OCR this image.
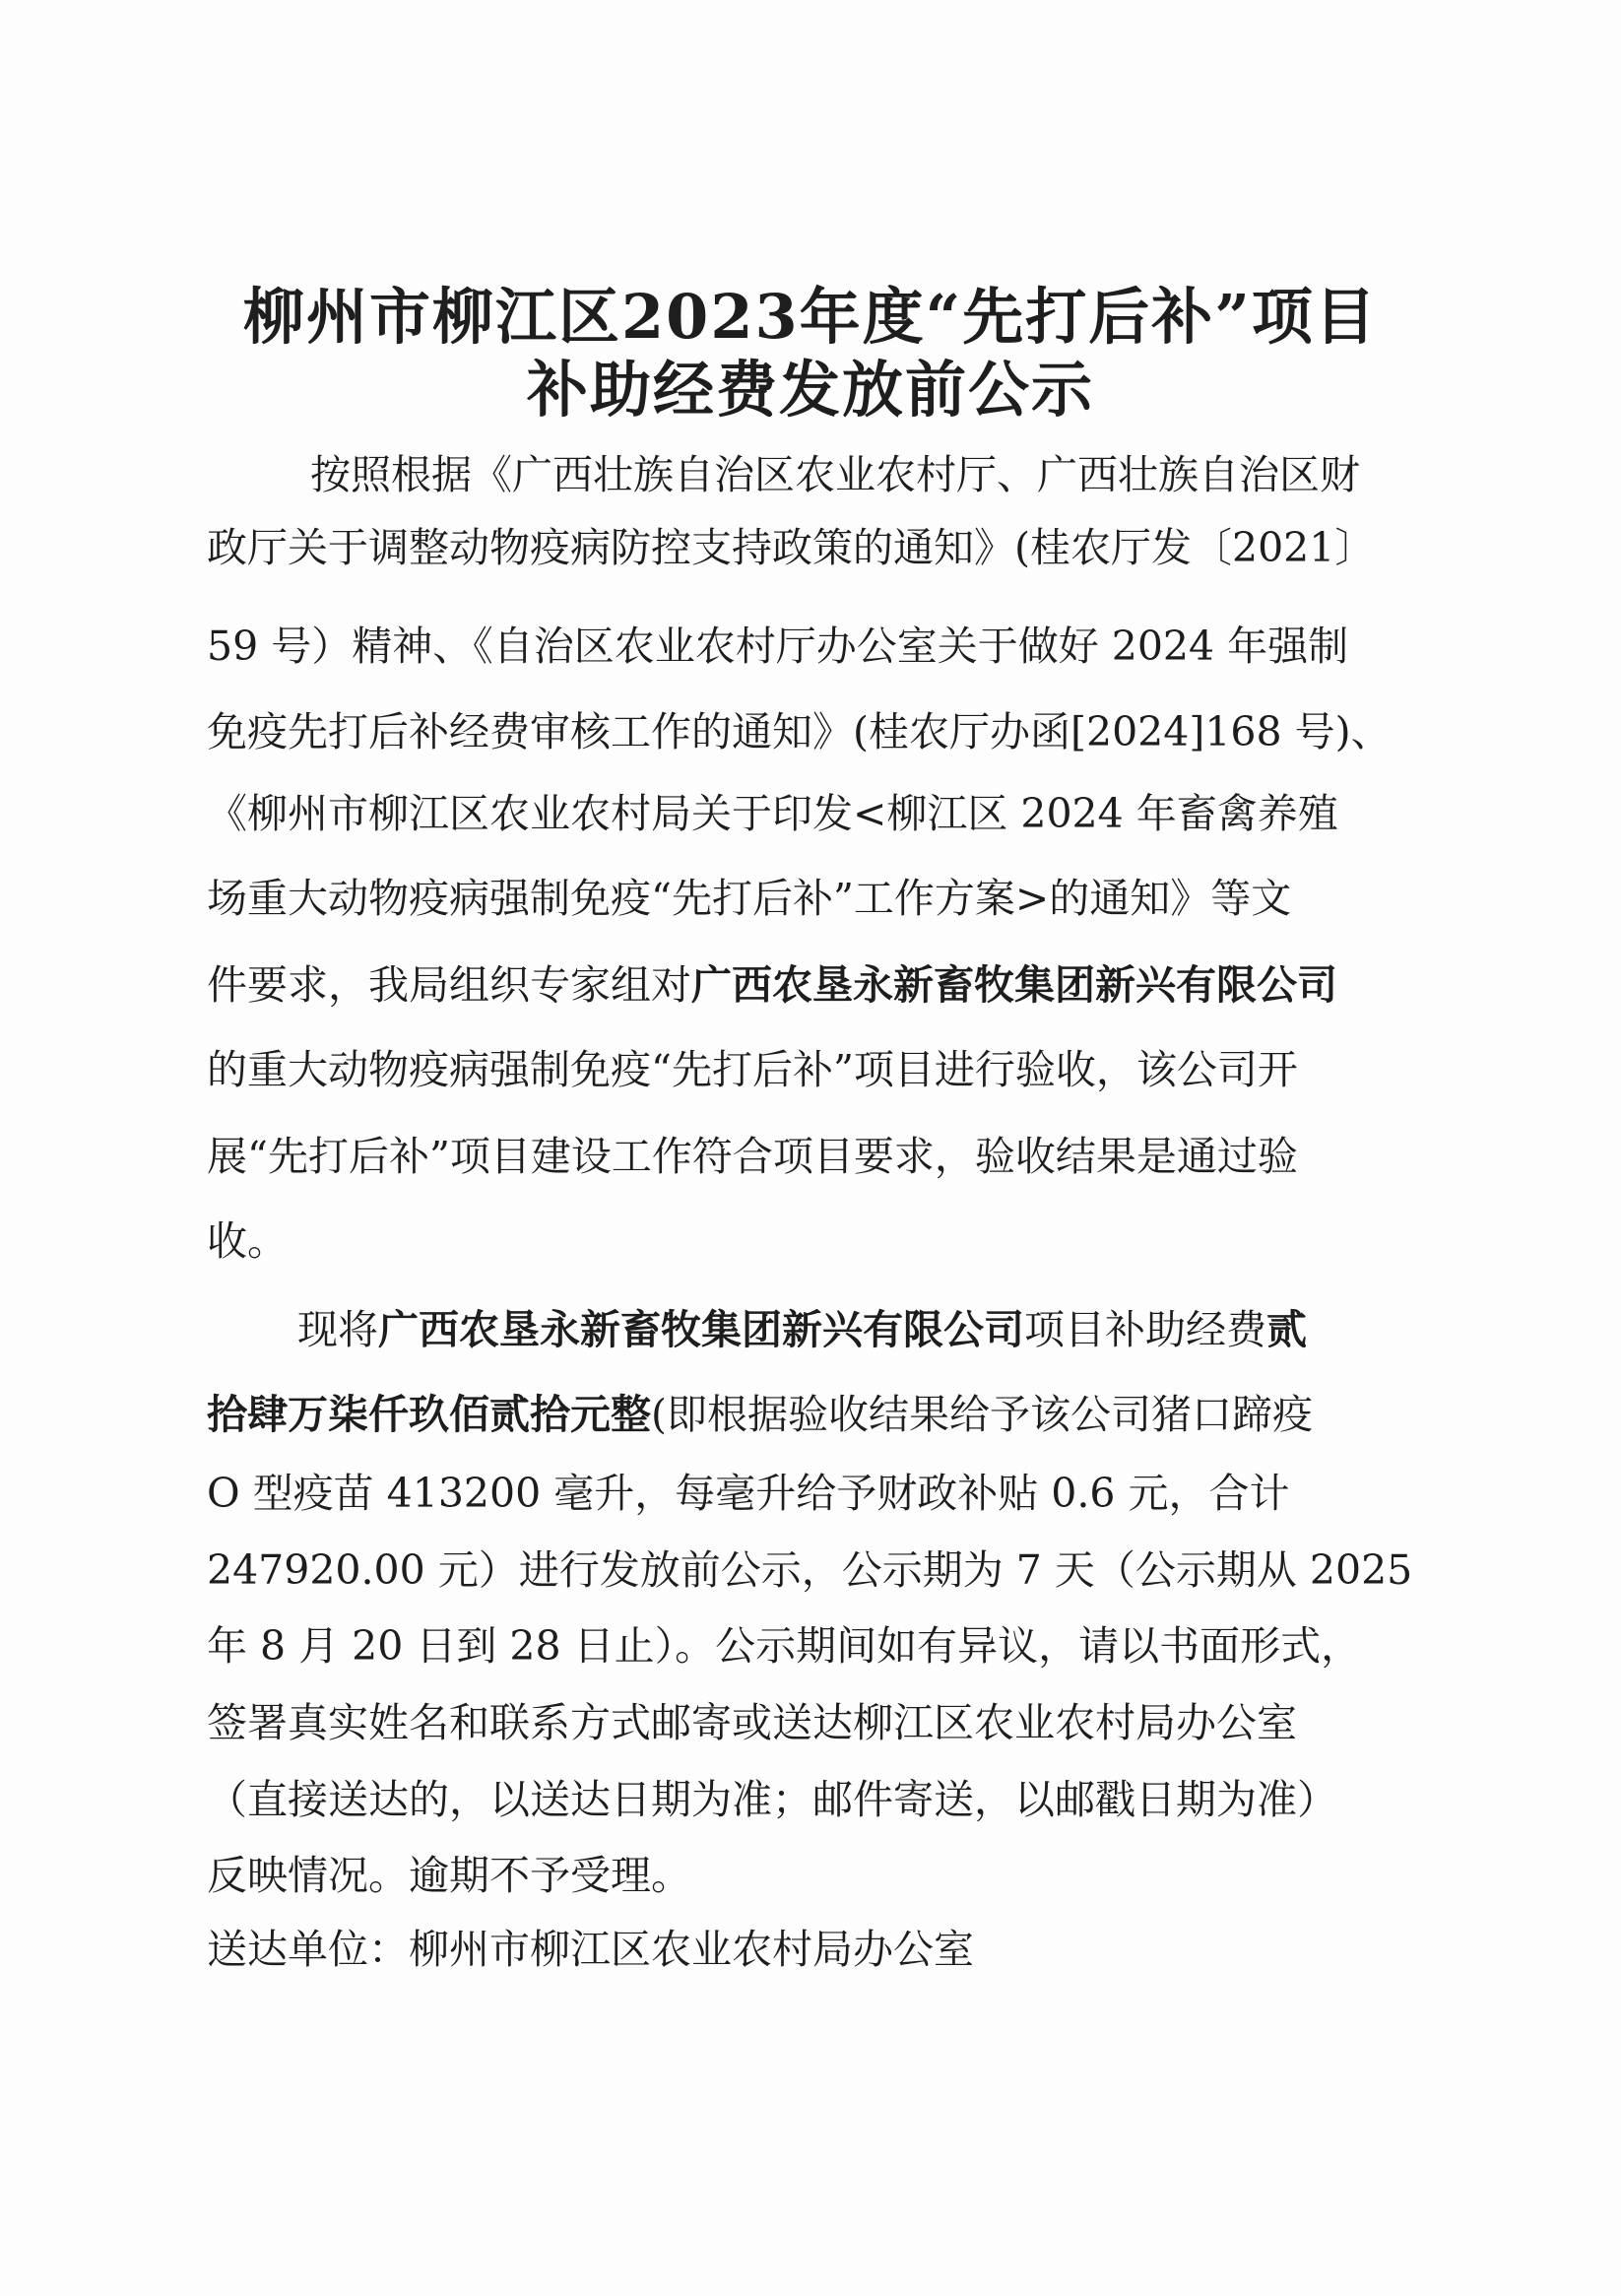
柳州市柳江区2023年度“先打后补”项目
补助经费发放前公示
按照根据《广西壮族自治区农业农村厅、广西壮族自治区财
政厅关于调整动物疫病防控支持政策的通知》(桂农厅发〔2021〕
59 号）精神、《自治区农业农村厅办公室关于做好 2024 年强制
免疫先打后补经费审核工作的通知》(桂农厅办函[2024]168 号)、
《柳州市柳江区农业农村局关于印发<柳江区 2024 年畜禽养殖
场重大动物疫病强制免疫“先打后补”工作方案>的通知》等文
件要求，我局组织专家组对广西农垦永新畜牧集团新兴有限公司
的重大动物疫病强制免疫“先打后补”项目进行验收，该公司开
展“先打后补”项目建设工作符合项目要求，验收结果是通过验
收。
现将广西农垦永新畜牧集团新兴有限公司项目补助经费贰
拾肆万柒仟玖佰贰拾元整(即根据验收结果给予该公司猪口蹄疫
O 型疫苗 413200 毫升，每毫升给予财政补贴 0.6 元，合计
247920.00 元）进行发放前公示，公示期为 7 天（公示期从 2025
年 8 月 20 日到 28 日止）。公示期间如有异议，请以书面形式，
签署真实姓名和联系方式邮寄或送达柳江区农业农村局办公室
（直接送达的，以送达日期为准；邮件寄送，以邮戳日期为准）
反映情况。逾期不予受理。
送达单位：柳州市柳江区农业农村局办公室
